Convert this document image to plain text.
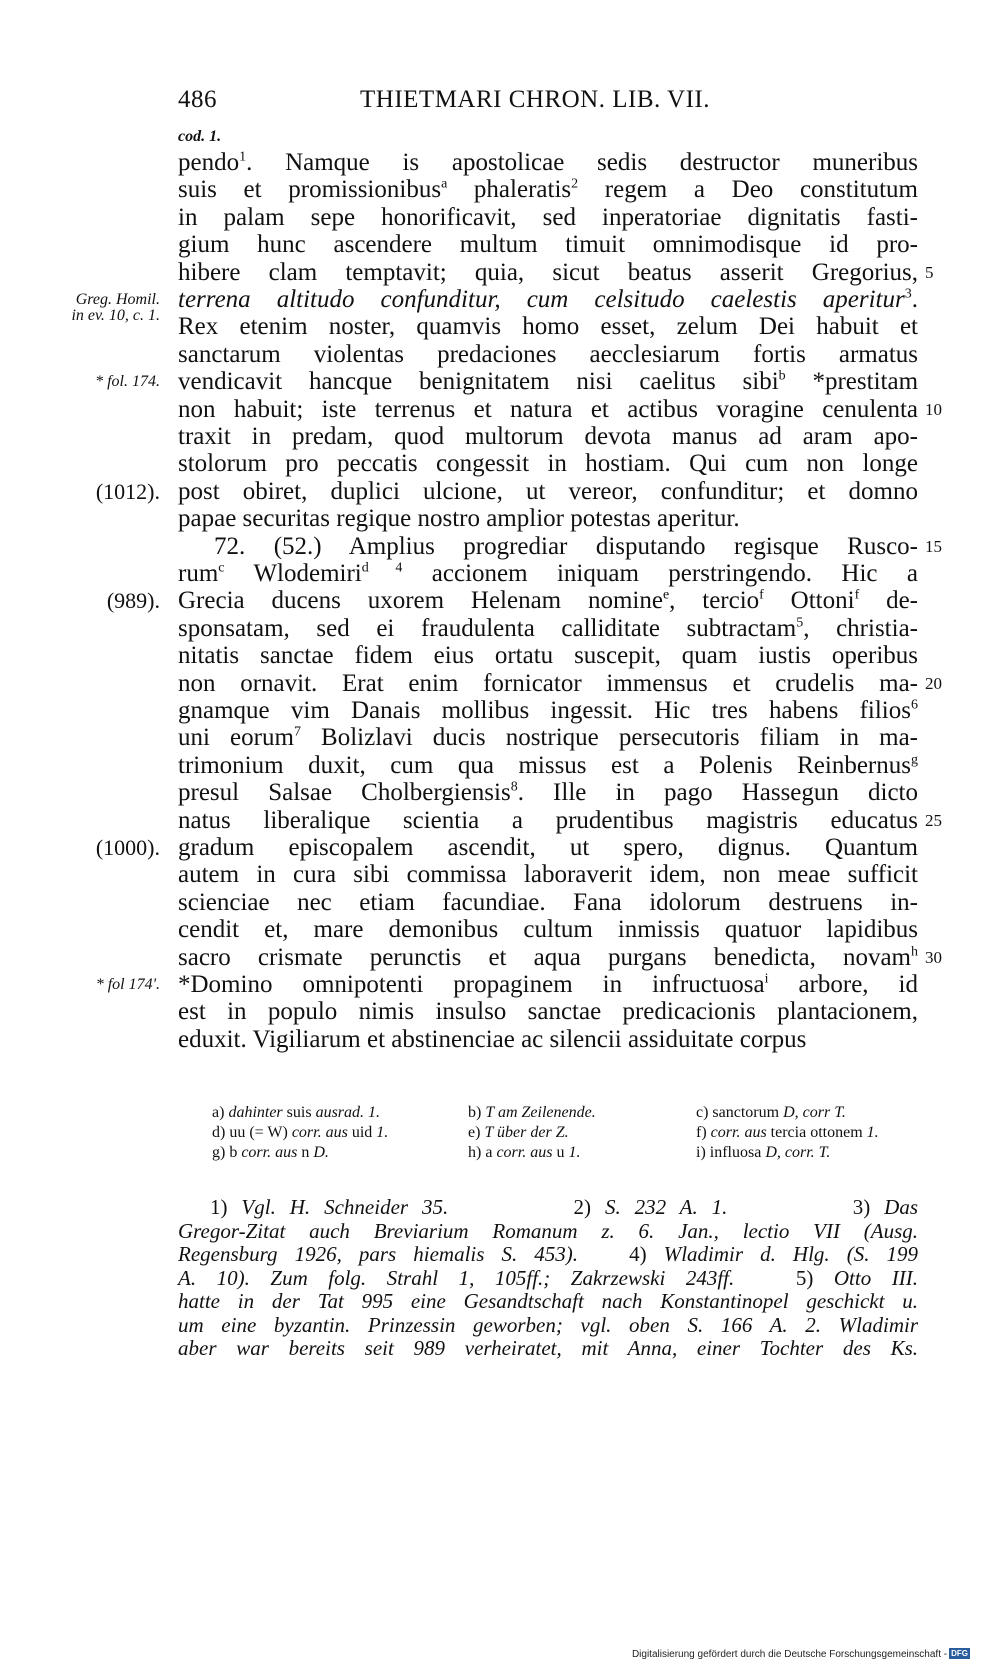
486	THIETMARI CHRON. LIB. VII.
cod. 1.
pendo$^1$. Namque is apostolicae sedis destructor muneribus
suis et promissionibus$^a$ phaleratis$^2$ regem a Deo constitutum
in palam sepe honorificavit, sed inperatoriae dignitatis fasti-
gium hunc ascendere multum timuit omnimodisque id pro-
hibere clam temptavit; quia, sicut beatus asserit Gregorius,
terrena altitudo confunditur, cum celsitudo caelestis aperitur$^3$.
Rex etenim noster, quamvis homo esset, zelum Dei habuit et
sanctarum violentas predaciones aecclesiarum fortis armatus
vendicavit hancque benignitatem nisi caelitus sibi$^b$ *prestitam
non habuit; iste terrenus et natura et actibus voragine cenulenta
traxit in predam, quod multorum devota manus ad aram apo-
stolorum pro peccatis congessit in hostiam. Qui cum non longe
post obiret, duplici ulcione, ut vereor, confunditur; et domno
papae securitas regique nostro amplior potestas aperitur.
72. (52.) Amplius progrediar disputando regisque Rusco-
rum$^c$ Wlodemiri$^{d 4}$ accionem iniquam perstringendo. Hic a
Grecia ducens uxorem Helenam nomine$^e$, tercio$^f$ Ottoni$^f$ de-
sponsatam, sed ei fraudulenta calliditate subtractam$^5$, christia-
nitatis sanctae fidem eius ortatu suscepit, quam iustis operibus
non ornavit. Erat enim fornicator immensus et crudelis ma-
gnamque vim Danais mollibus ingessit. Hic tres habens filios$^6$
uni eorum$^7$ Bolizlavi ducis nostrique persecutoris filiam in ma-
trimonium duxit, cum qua missus est a Polenis Reinbernus$^g$
presul Salsae Cholbergiensis$^8$. Ille in pago Hassegun dicto
natus liberalique scientia a prudentibus magistris educatus
gradum episcopalem ascendit, ut spero, dignus. Quantum
autem in cura sibi commissa laboraverit idem, non meae sufficit
scienciae nec etiam facundiae. Fana idolorum destruens in-
cendit et, mare demonibus cultum inmissis quatuor lapidibus
sacro crismate perunctis et aqua purgans benedicta, novam$^h$
*Domino omnipotenti propaginem in infructuosa$^i$ arbore, id
est in populo nimis insulso sanctae predicacionis plantacionem,
eduxit. Vigiliarum et abstinenciae ac silencii assiduitate corpus
Greg. Homil.
in ev. 10, c. 1.
* fol. 174.
(1012).
(989).
(1000).
* fol 174'.
5
10
15
20
25
30
a) dahinter suis ausrad. 1.	b) T am Zeilenende.	c) sanctorum D, corr T.
d) uu (= W) corr. aus uid 1.	e) T über der Z.	f) corr. aus tercia ottonem 1.
g) b corr. aus n D.	h) a corr. aus u 1.	i) influosa D, corr. T.
1) Vgl. H. Schneider 35.         2) S. 232 A. 1.         3) Das
Gregor-Zitat auch Breviarium Romanum z. 6. Jan., lectio VII (Ausg.
Regensburg 1926, pars hiemalis S. 453).   4) Wladimir d. Hlg. (S. 199
A. 10). Zum folg. Strahl 1, 105ff.; Zakrzewski 243ff.   5) Otto III.
hatte in der Tat 995 eine Gesandtschaft nach Konstantinopel geschickt u.
um eine byzantin. Prinzessin geworben; vgl. oben S. 166 A. 2. Wladimir
aber war bereits seit 989 verheiratet, mit Anna, einer Tochter des Ks.
Digitalisierung gefördert durch die Deutsche Forschungsgemeinschaft - DFG
